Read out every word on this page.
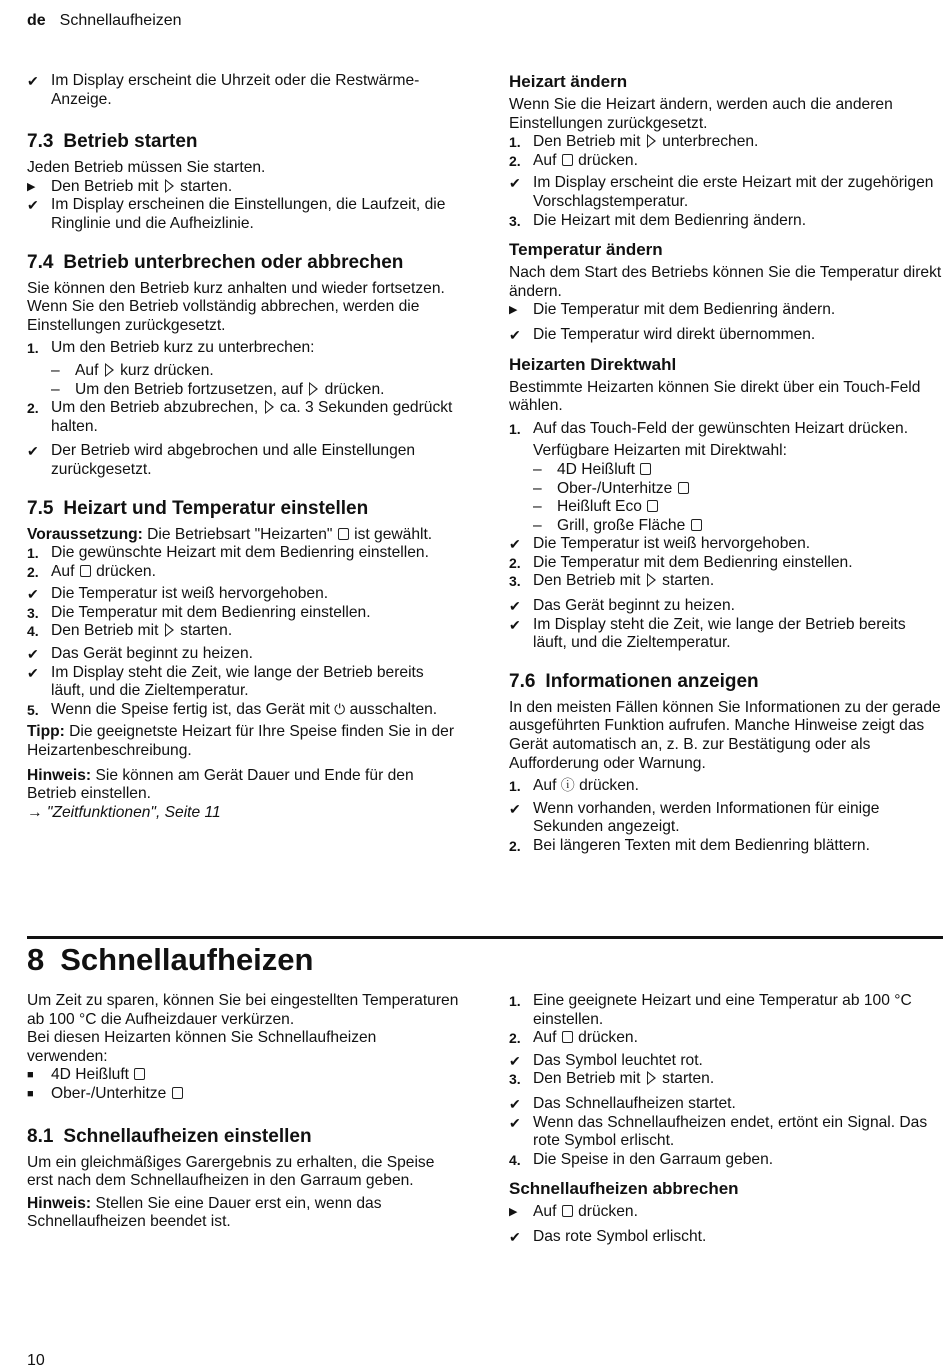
de Schnellaufheizen
✔ Im Display erscheint die Uhrzeit oder die Restwärme-Anzeige.
7.3 Betrieb starten

Jeden Betrieb müssen Sie starten.

▶ Den Betrieb mit starten.
✔ Im Display erscheinen die Einstellungen, die Laufzeit, die Ringlinie und die Aufheizlinie.
7.4 Betrieb unterbrechen oder abbrechen

Sie können den Betrieb kurz anhalten und wieder fortsetzen. Wenn Sie den Betrieb vollständig abbrechen, werden die Einstellungen zurückgesetzt.

1. Um den Betrieb kurz zu unterbrechen:
– Auf kurz drücken.
– Um den Betrieb fortzusetzen, auf drücken.
2. Um den Betrieb abzubrechen, ca. 3 Sekunden gedrückt halten.
✔ Der Betrieb wird abgebrochen und alle Einstellungen zurückgesetzt.
7.5 Heizart und Temperatur einstellen

Voraussetzung: Die Betriebsart "Heizarten" ist gewählt.

1. Die gewünschte Heizart mit dem Bedienring einstellen.
2. Auf drücken.
✔ Die Temperatur ist weiß hervorgehoben.
3. Die Temperatur mit dem Bedienring einstellen.
4. Den Betrieb mit starten.
✔ Das Gerät beginnt zu heizen.
✔ Im Display steht die Zeit, wie lange der Betrieb bereits läuft, und die Zieltemperatur.
5. Wenn die Speise fertig ist, das Gerät mit ⏻ ausschalten.

Tipp: Die geeignetste Heizart für Ihre Speise finden Sie in der Heizartenbeschreibung.

Hinweis: Sie können am Gerät Dauer und Ende für den Betrieb einstellen.

→ "Zeitfunktionen", Seite 11

Heizart ändern

Wenn Sie die Heizart ändern, werden auch die anderen Einstellungen zurückgesetzt.

1. Den Betrieb mit unterbrechen.
2. Auf drücken.
✔ Im Display erscheint die erste Heizart mit der zugehörigen Vorschlagstemperatur.
3. Die Heizart mit dem Bedienring ändern.
Temperatur ändern

Nach dem Start des Betriebs können Sie die Temperatur direkt ändern.

▶ Die Temperatur mit dem Bedienring ändern.
✔ Die Temperatur wird direkt übernommen.
Heizarten Direktwahl

Bestimmte Heizarten können Sie direkt über ein Touch-Feld wählen.

1. Auf das Touch-Feld der gewünschten Heizart drücken.
Verfügbare Heizarten mit Direktwahl:
– 4D Heißluft
– Ober-/Unterhitze
– Heißluft Eco
– Grill, große Fläche
✔ Die Temperatur ist weiß hervorgehoben.
2. Die Temperatur mit dem Bedienring einstellen.
3. Den Betrieb mit starten.
✔ Das Gerät beginnt zu heizen.
✔ Im Display steht die Zeit, wie lange der Betrieb bereits läuft, und die Zieltemperatur.
7.6 Informationen anzeigen

In den meisten Fällen können Sie Informationen zu der gerade ausgeführten Funktion aufrufen. Manche Hinweise zeigt das Gerät automatisch an, z. B. zur Bestätigung oder als Aufforderung oder Warnung.

1. Auf ⓘ drücken.
✔ Wenn vorhanden, werden Informationen für einige Sekunden angezeigt.
2. Bei längeren Texten mit dem Bedienring blättern.
8 Schnellaufheizen

Um Zeit zu sparen, können Sie bei eingestellten Temperaturen ab 100 °C die Aufheizdauer verkürzen.

Bei diesen Heizarten können Sie Schnellaufheizen verwenden:

■	4D Heißluft
■	Ober-/Unterhitze
8.1 Schnellaufheizen einstellen

Um ein gleichmäßiges Garergebnis zu erhalten, die Speise erst nach dem Schnellaufheizen in den Garraum geben.

Hinweis: Stellen Sie eine Dauer erst ein, wenn das Schnellaufheizen beendet ist.

1. Eine geeignete Heizart und eine Temperatur ab 100 °C einstellen.
2. Auf drücken.
✔ Das Symbol leuchtet rot.
3. Den Betrieb mit starten.
✔ Das Schnellaufheizen startet.
✔ Wenn das Schnellaufheizen endet, ertönt ein Signal. Das rote Symbol erlischt.
4. Die Speise in den Garraum geben.
Schnellaufheizen abbrechen
▶ Auf drücken.
✔ Das rote Symbol erlischt.
10
